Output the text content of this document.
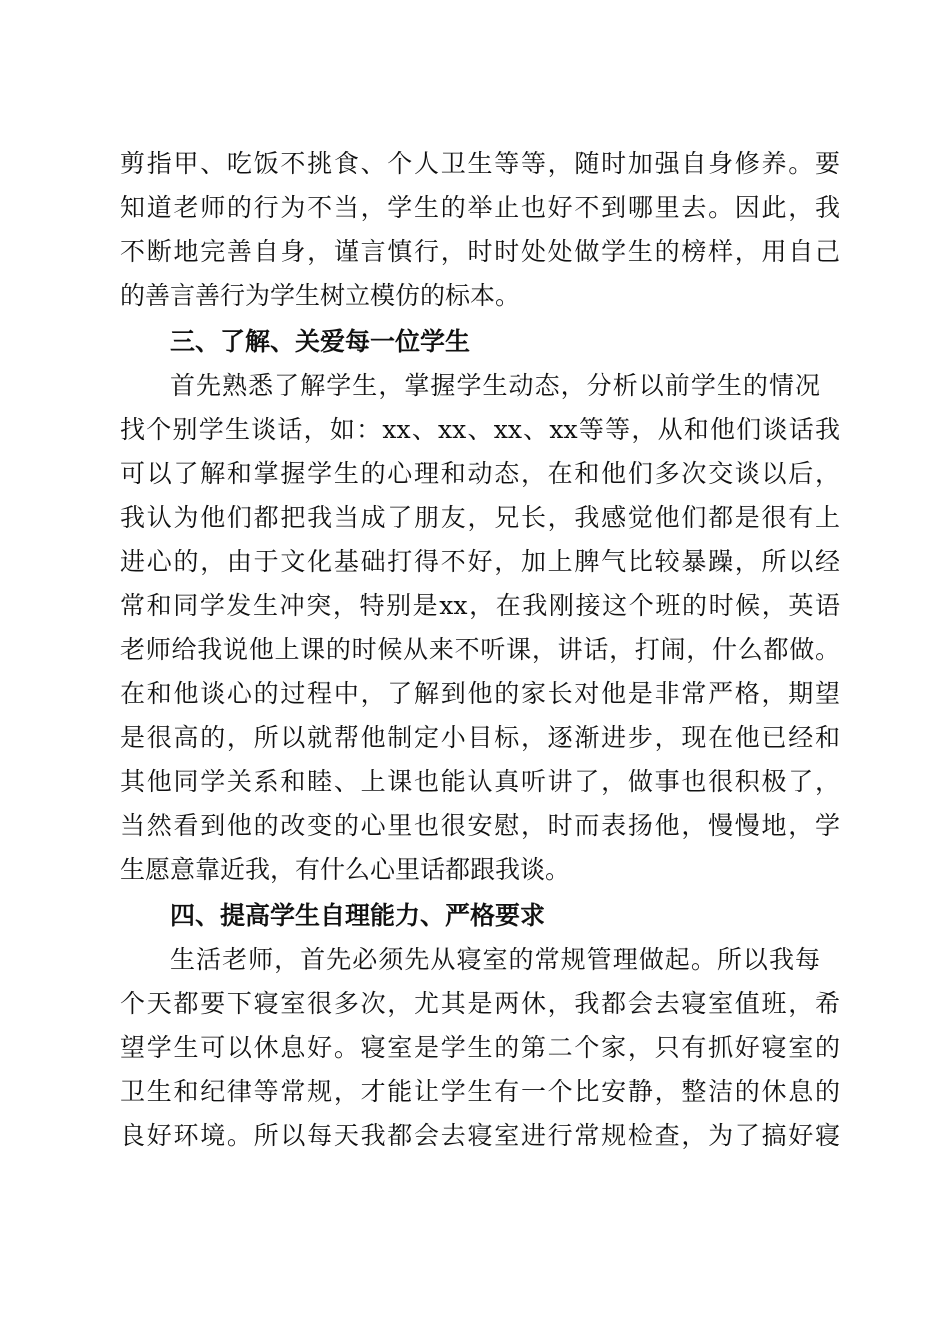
剪指甲、吃饭不挑食、个人卫生等等，随时加强自身修养。要
知道老师的行为不当，学生的举止也好不到哪里去。因此，我
不断地完善自身，谨言慎行，时时处处做学生的榜样，用自己
的善言善行为学生树立模仿的标本。
三、了解、关爱每一位学生
首先熟悉了解学生，掌握学生动态，分析以前学生的情况
找个别学生谈话，如：xx、xx、xx、xx等等，从和他们谈话我
可以了解和掌握学生的心理和动态，在和他们多次交谈以后，
我认为他们都把我当成了朋友，兄长，我感觉他们都是很有上
进心的，由于文化基础打得不好，加上脾气比较暴躁，所以经
常和同学发生冲突，特别是xx，在我刚接这个班的时候，英语
老师给我说他上课的时候从来不听课，讲话，打闹，什么都做。
在和他谈心的过程中，了解到他的家长对他是非常严格，期望
是很高的，所以就帮他制定小目标，逐渐进步，现在他已经和
其他同学关系和睦、上课也能认真听讲了，做事也很积极了，
当然看到他的改变的心里也很安慰，时而表扬他，慢慢地，学
生愿意靠近我，有什么心里话都跟我谈。
四、提高学生自理能力、严格要求
生活老师，首先必须先从寝室的常规管理做起。所以我每
个天都要下寝室很多次，尤其是两休，我都会去寝室值班，希
望学生可以休息好。寝室是学生的第二个家，只有抓好寝室的
卫生和纪律等常规，才能让学生有一个比安静，整洁的休息的
良好环境。所以每天我都会去寝室进行常规检查，为了搞好寝
